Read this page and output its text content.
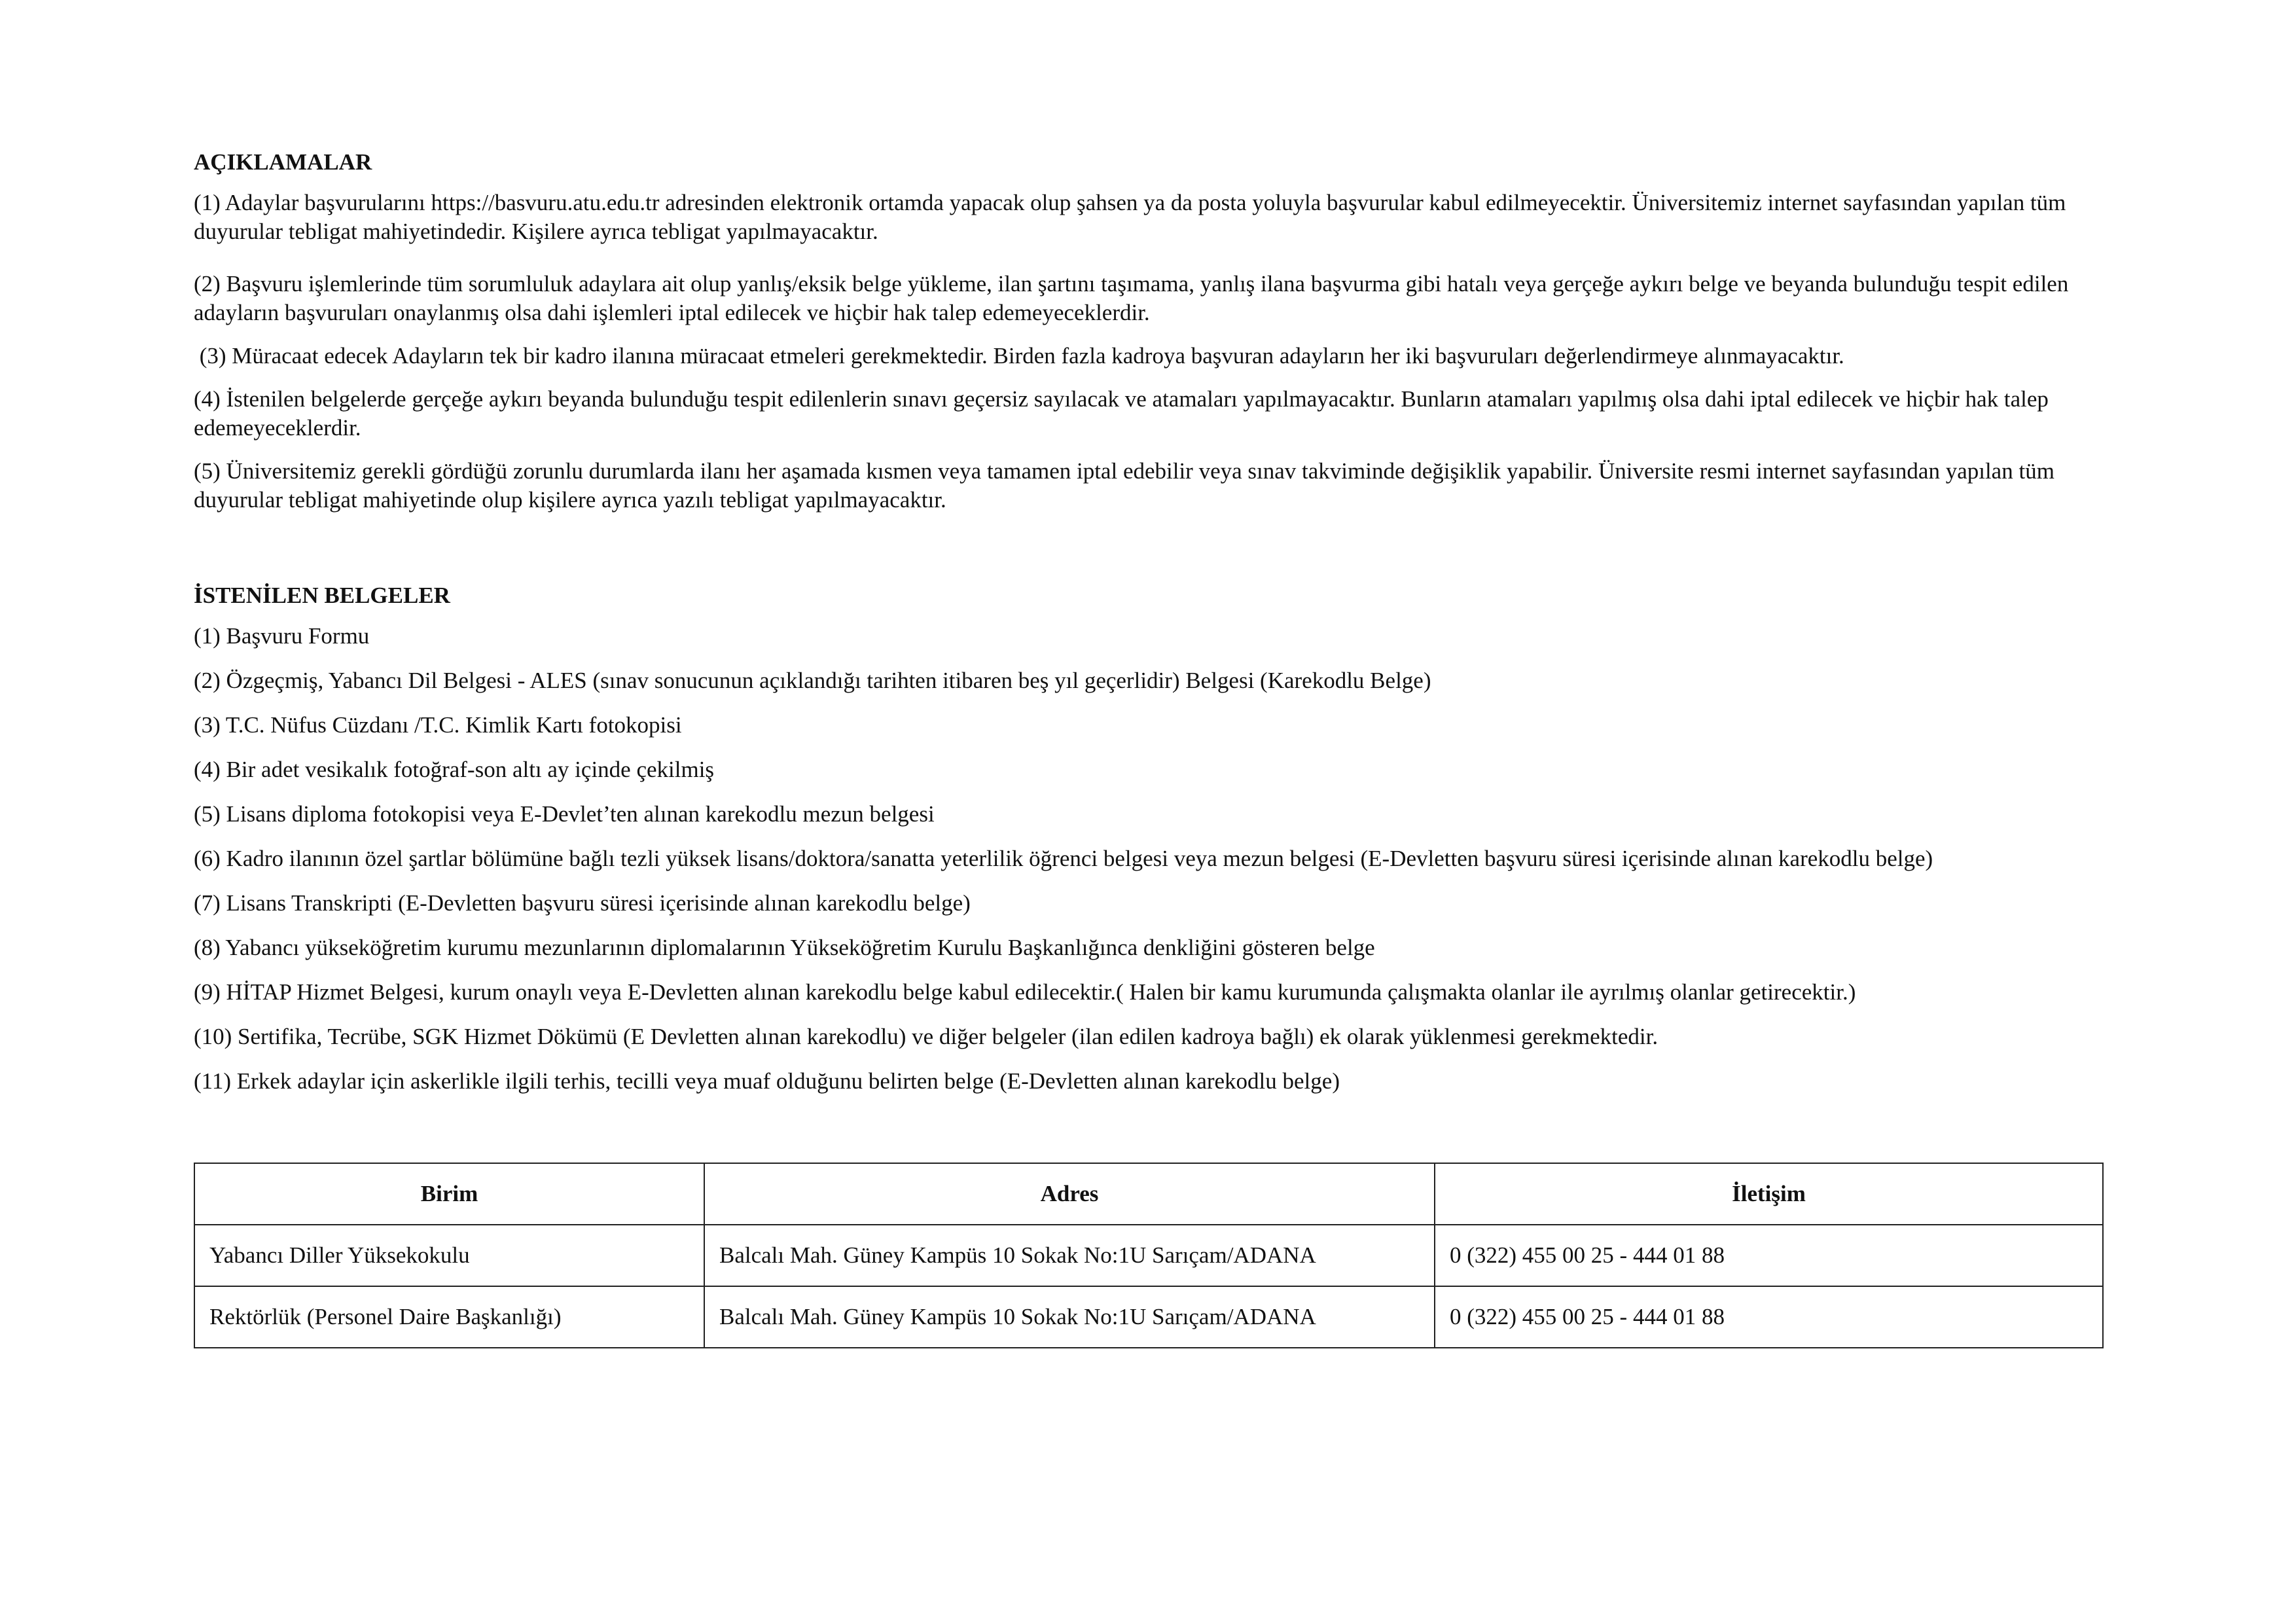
AÇIKLAMALAR

(1) Adaylar başvurularını https://basvuru.atu.edu.tr adresinden elektronik ortamda yapacak olup şahsen ya da posta yoluyla başvurular kabul edilmeyecektir. Üniversitemiz internet sayfasından yapılan tüm duyurular tebligat mahiyetindedir. Kişilere ayrıca tebligat yapılmayacaktır.

(2) Başvuru işlemlerinde tüm sorumluluk adaylara ait olup yanlış/eksik belge yükleme, ilan şartını taşımama, yanlış ilana başvurma gibi hatalı veya gerçeğe aykırı belge ve beyanda bulunduğu tespit edilen adayların başvuruları onaylanmış olsa dahi işlemleri iptal edilecek ve hiçbir hak talep edemeyeceklerdir.

(3) Müracaat edecek Adayların tek bir kadro ilanına müracaat etmeleri gerekmektedir. Birden fazla kadroya başvuran adayların her iki başvuruları değerlendirmeye alınmayacaktır.

(4) İstenilen belgelerde gerçeğe aykırı beyanda bulunduğu tespit edilenlerin sınavı geçersiz sayılacak ve atamaları yapılmayacaktır. Bunların atamaları yapılmış olsa dahi iptal edilecek ve hiçbir hak talep edemeyeceklerdir.

(5) Üniversitemiz gerekli gördüğü zorunlu durumlarda ilanı her aşamada kısmen veya tamamen iptal edebilir veya sınav takviminde değişiklik yapabilir. Üniversite resmi internet sayfasından yapılan tüm duyurular tebligat mahiyetinde olup kişilere ayrıca yazılı tebligat yapılmayacaktır.

İSTENİLEN BELGELER

(1) Başvuru Formu

(2) Özgeçmiş, Yabancı Dil Belgesi - ALES (sınav sonucunun açıklandığı tarihten itibaren beş yıl geçerlidir) Belgesi (Karekodlu Belge)

(3) T.C. Nüfus Cüzdanı /T.C. Kimlik Kartı fotokopisi

(4) Bir adet vesikalık fotoğraf-son altı ay içinde çekilmiş

(5) Lisans diploma fotokopisi veya E-Devlet’ten alınan karekodlu mezun belgesi

(6) Kadro ilanının özel şartlar bölümüne bağlı tezli yüksek lisans/doktora/sanatta yeterlilik öğrenci belgesi veya mezun belgesi (E-Devletten başvuru süresi içerisinde alınan karekodlu belge)

(7) Lisans Transkripti (E-Devletten başvuru süresi içerisinde alınan karekodlu belge)

(8) Yabancı yükseköğretim kurumu mezunlarının diplomalarının Yükseköğretim Kurulu Başkanlığınca denkliğini gösteren belge

(9) HİTAP Hizmet Belgesi, kurum onaylı veya E-Devletten alınan karekodlu belge kabul edilecektir.( Halen bir kamu kurumunda çalışmakta olanlar ile ayrılmış olanlar getirecektir.)

(10) Sertifika, Tecrübe, SGK Hizmet Dökümü (E Devletten alınan karekodlu) ve diğer belgeler (ilan edilen kadroya bağlı) ek olarak yüklenmesi gerekmektedir.

(11) Erkek adaylar için askerlikle ilgili terhis, tecilli veya muaf olduğunu belirten belge (E-Devletten alınan karekodlu belge)

Birim	Adres	İletişim
Yabancı Diller Yüksekokulu	Balcalı Mah. Güney Kampüs 10 Sokak No:1U Sarıçam/ADANA	0 (322) 455 00 25 - 444 01 88
Rektörlük (Personel Daire Başkanlığı)	Balcalı Mah. Güney Kampüs 10 Sokak No:1U Sarıçam/ADANA	0 (322) 455 00 25 - 444 01 88
